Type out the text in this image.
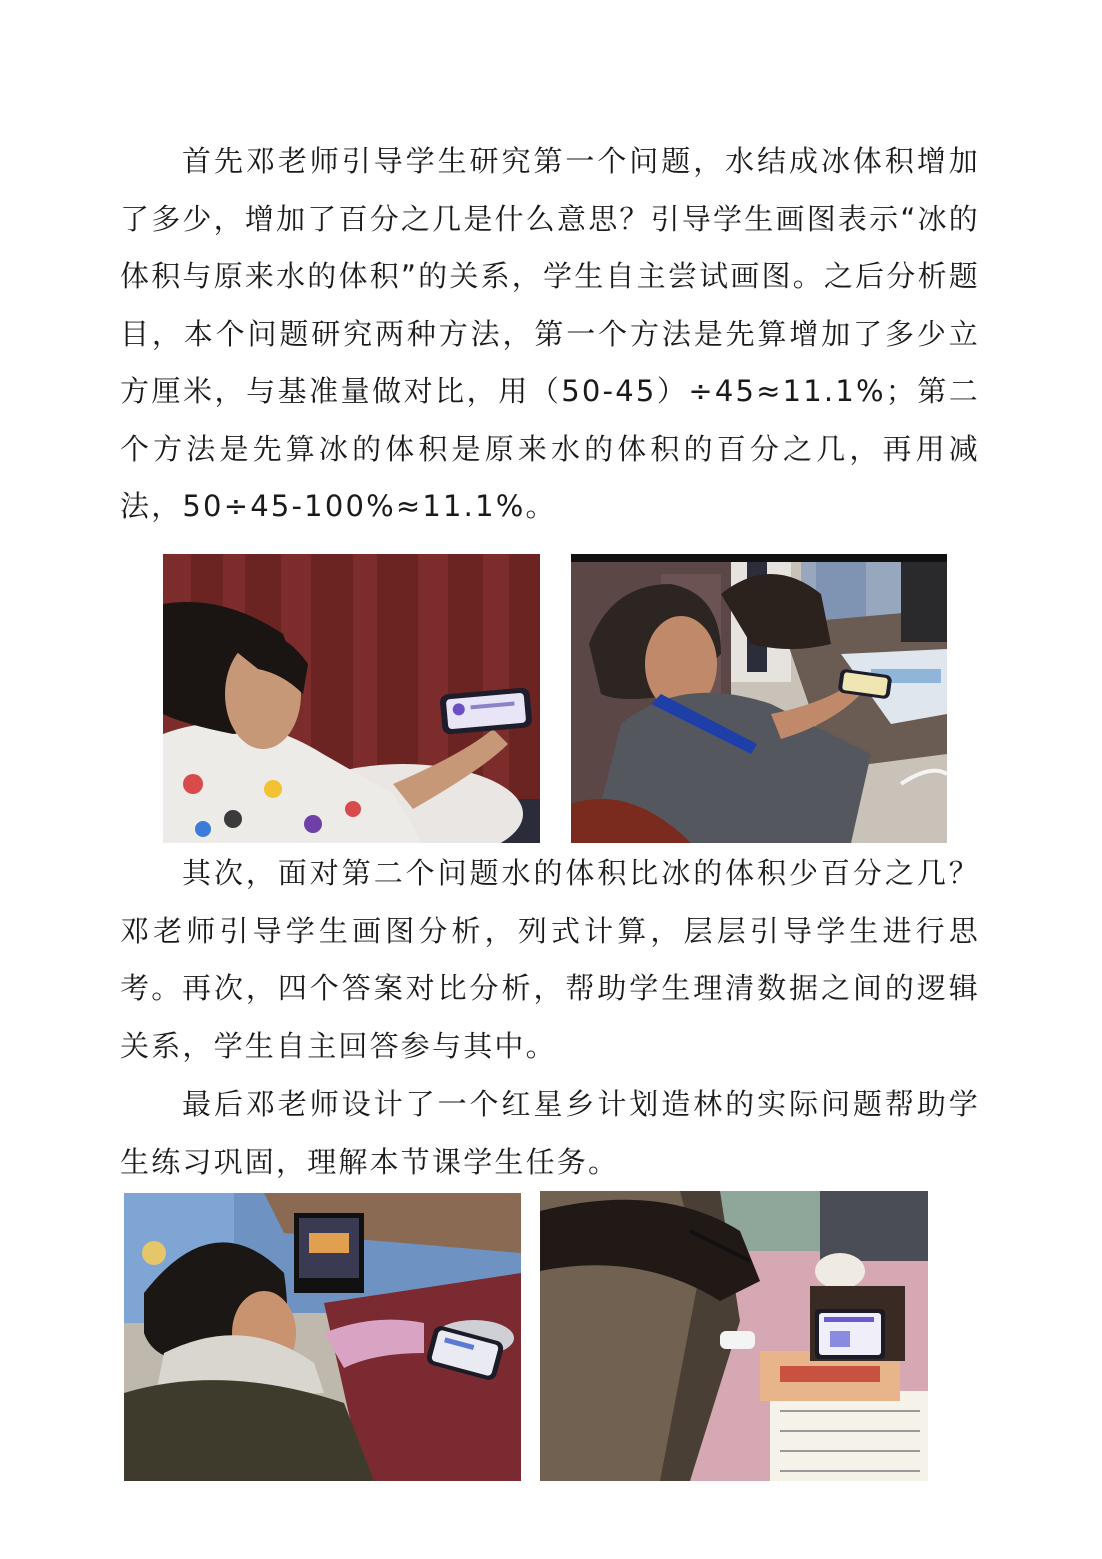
首先邓老师引导学生研究第一个问题，水结成冰体积增加了多少，增加了百分之几是什么意思？引导学生画图表示“冰的体积与原来水的体积”的关系，学生自主尝试画图。之后分析题目，本个问题研究两种方法，第一个方法是先算增加了多少立方厘米，与基准量做对比，用（50-45）÷45≈11.1%；第二个方法是先算冰的体积是原来水的体积的百分之几，再用减法，50÷45-100%≈11.1%。

其次，面对第二个问题水的体积比冰的体积少百分之几？邓老师引导学生画图分析，列式计算，层层引导学生进行思考。 再次，四个答案对比分析，帮助学生理清数据之间的逻辑关系，学生自主回答参与其中。

最后邓老师设计了一个红星乡计划造林的实际问题帮助学生练习巩固，理解本节课学生任务。
